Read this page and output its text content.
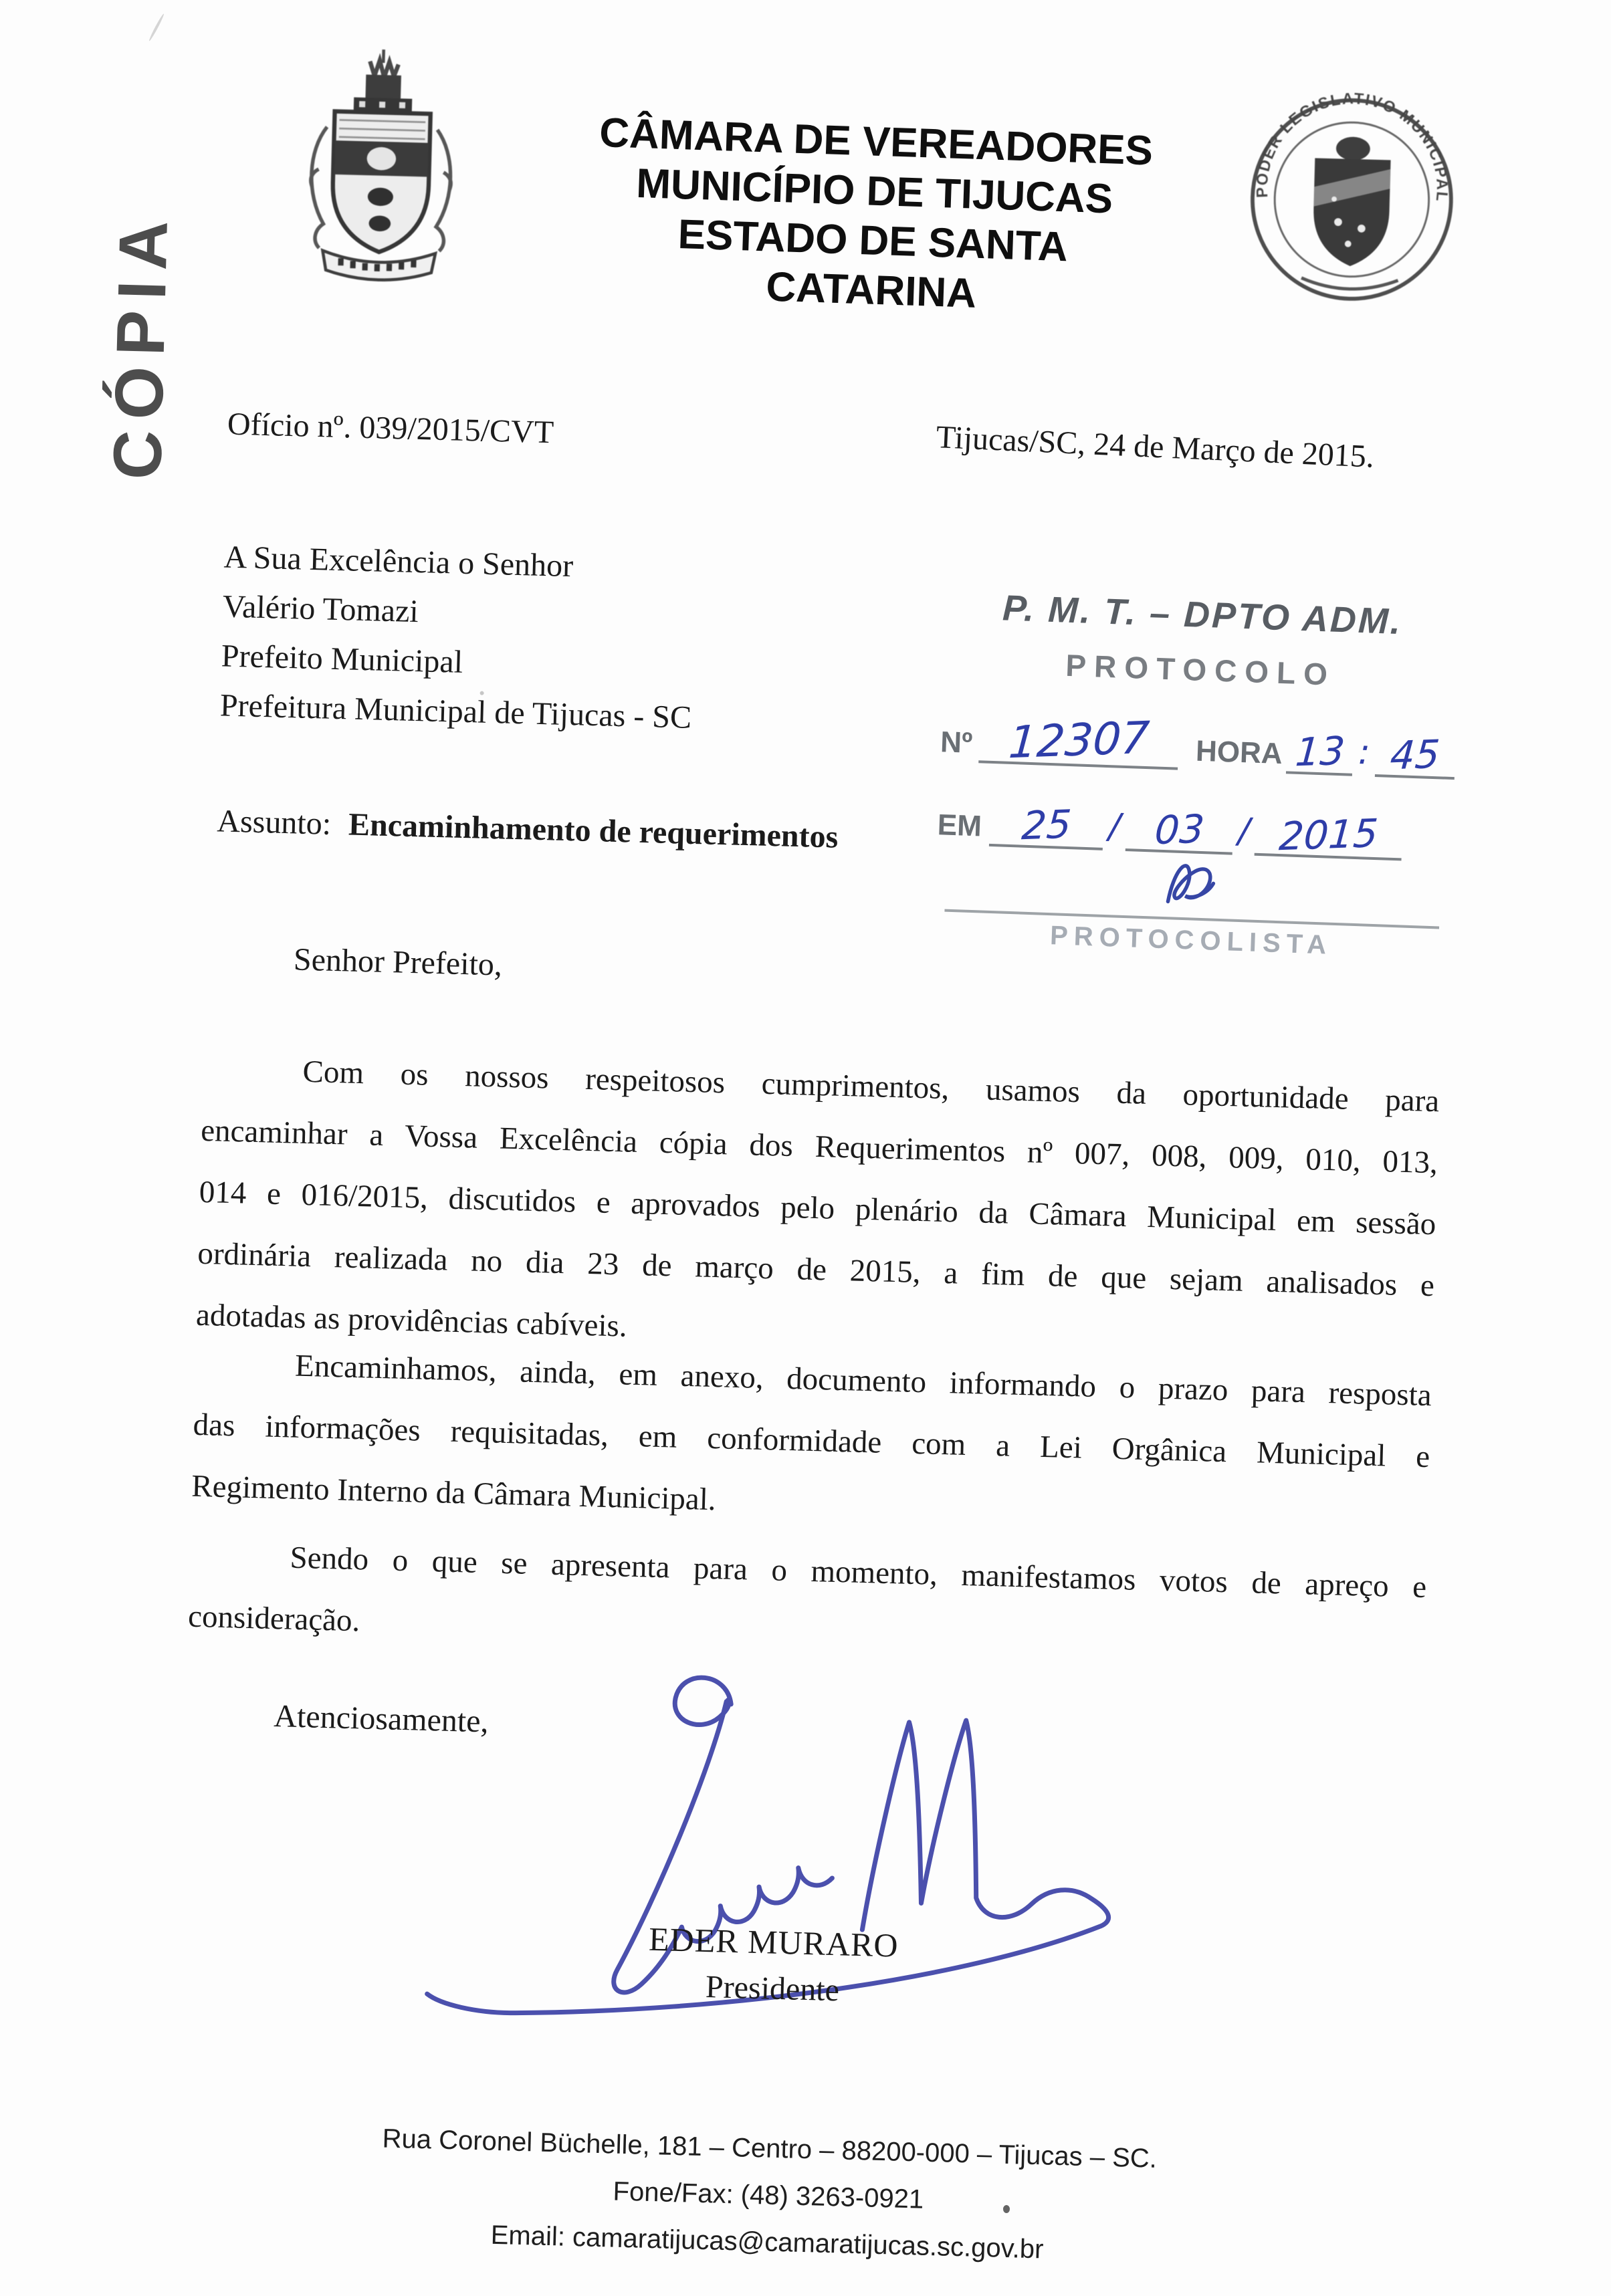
CÓPIA
CÂMARA DE VEREADORES
MUNICÍPIO DE TIJUCAS
ESTADO DE SANTA CATARINA
PODER LEGISLATIVO MUNICIPAL
Ofício nº. 039/2015/CVT	Tijucas/SC, 24 de Março de 2015.
A Sua Excelência o Senhor
Valério Tomazi
Prefeito Municipal
Prefeitura Municipal de Tijucas - SC
P. M. T. – DPTO ADM.
PROTOCOLO
Nº 12307 HORA 13 : 45
EM 25 / 03 / 2015
PROTOCOLISTA
Assunto: Encaminhamento de requerimentos
Senhor Prefeito,
Com os nossos respeitosos cumprimentos, usamos da oportunidade para
encaminhar a Vossa Excelência cópia dos Requerimentos nº 007, 008, 009, 010, 013,
014 e 016/2015, discutidos e aprovados pelo plenário da Câmara Municipal em sessão
ordinária realizada no dia 23 de março de 2015, a fim de que sejam analisados e
adotadas as providências cabíveis.
Encaminhamos, ainda, em anexo, documento informando o prazo para resposta
das informações requisitadas, em conformidade com a Lei Orgânica Municipal e
Regimento Interno da Câmara Municipal.
Sendo o que se apresenta para o momento, manifestamos votos de apreço e
consideração.
Atenciosamente,
EDER MURARO
Presidente
Rua Coronel Büchelle, 181 – Centro – 88200-000 – Tijucas – SC.
Fone/Fax: (48) 3263-0921
Email: camaratijucas@camaratijucas.sc.gov.br
